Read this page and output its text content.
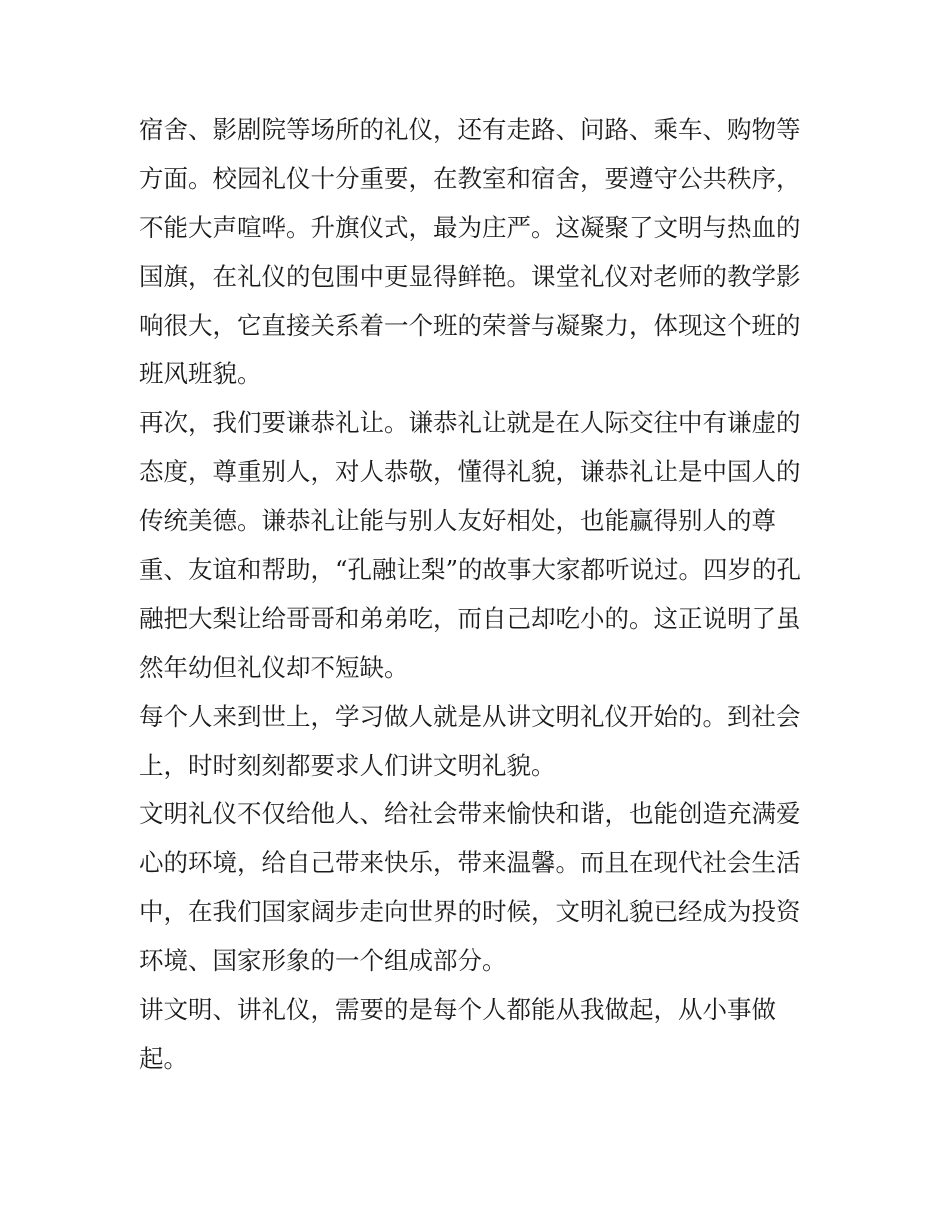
宿舍、影剧院等场所的礼仪，还有走路、问路、乘车、购物等
方面。校园礼仪十分重要，在教室和宿舍，要遵守公共秩序，
不能大声喧哗。升旗仪式，最为庄严。这凝聚了文明与热血的
国旗，在礼仪的包围中更显得鲜艳。课堂礼仪对老师的教学影
响很大，它直接关系着一个班的荣誉与凝聚力，体现这个班的
班风班貌。

再次，我们要谦恭礼让。谦恭礼让就是在人际交往中有谦虚的
态度，尊重别人，对人恭敬，懂得礼貌，谦恭礼让是中国人的
传统美德。谦恭礼让能与别人友好相处，也能赢得别人的尊
重、友谊和帮助，“孔融让梨”的故事大家都听说过。四岁的孔
融把大梨让给哥哥和弟弟吃，而自己却吃小的。这正说明了虽
然年幼但礼仪却不短缺。

每个人来到世上，学习做人就是从讲文明礼仪开始的。到社会
上，时时刻刻都要求人们讲文明礼貌。

文明礼仪不仅给他人、给社会带来愉快和谐，也能创造充满爱
心的环境，给自己带来快乐，带来温馨。而且在现代社会生活
中，在我们国家阔步走向世界的时候，文明礼貌已经成为投资
环境、国家形象的一个组成部分。

讲文明、讲礼仪，需要的是每个人都能从我做起，从小事做
起。
